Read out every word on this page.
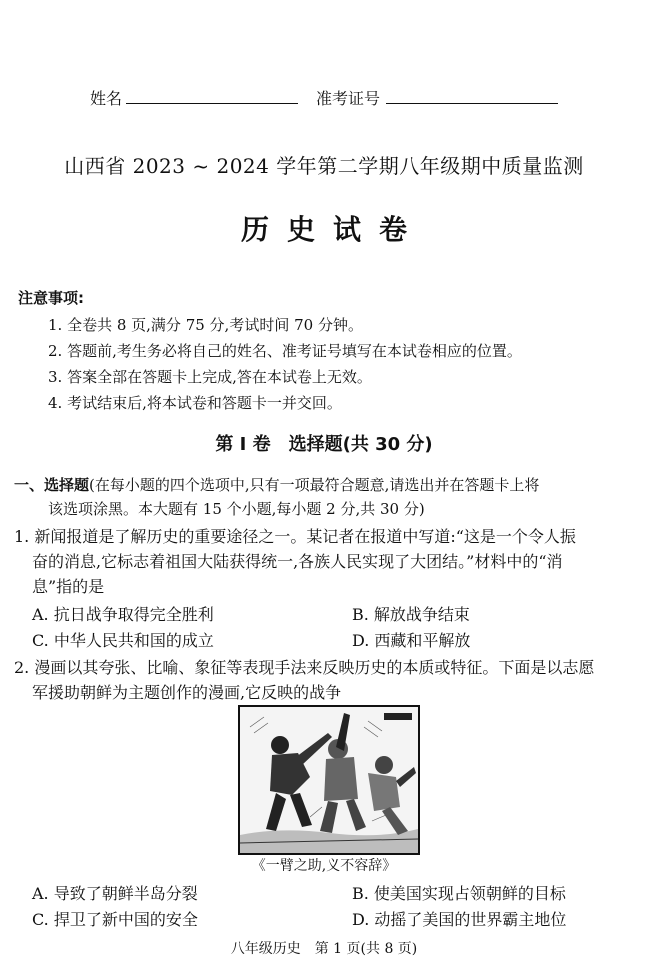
姓名	准考证号
山西省 2023 ~ 2024 学年第二学期八年级期中质量监测
历史试卷
注意事项:
1. 全卷共 8 页,满分 75 分,考试时间 70 分钟。
2. 答题前,考生务必将自己的姓名、准考证号填写在本试卷相应的位置。
3. 答案全部在答题卡上完成,答在本试卷上无效。
4. 考试结束后,将本试卷和答题卡一并交回。
第 Ⅰ 卷　选择题(共 30 分)
一、选择题(在每小题的四个选项中,只有一项最符合题意,请选出并在答题卡上将
该选项涂黑。本大题有 15 个小题,每小题 2 分,共 30 分)
1. 新闻报道是了解历史的重要途径之一。某记者在报道中写道:“这是一个令人振
奋的消息,它标志着祖国大陆获得统一,各族人民实现了大团结。”材料中的“消
息”指的是
A. 抗日战争取得完全胜利	B. 解放战争结束
C. 中华人民共和国的成立	D. 西藏和平解放
2. 漫画以其夸张、比喻、象征等表现手法来反映历史的本质或特征。下面是以志愿
军援助朝鲜为主题创作的漫画,它反映的战争
《一臂之助,义不容辞》
A. 导致了朝鲜半岛分裂	B. 使美国实现占领朝鲜的目标
C. 捍卫了新中国的安全	D. 动摇了美国的世界霸主地位
八年级历史　第 1 页(共 8 页)
